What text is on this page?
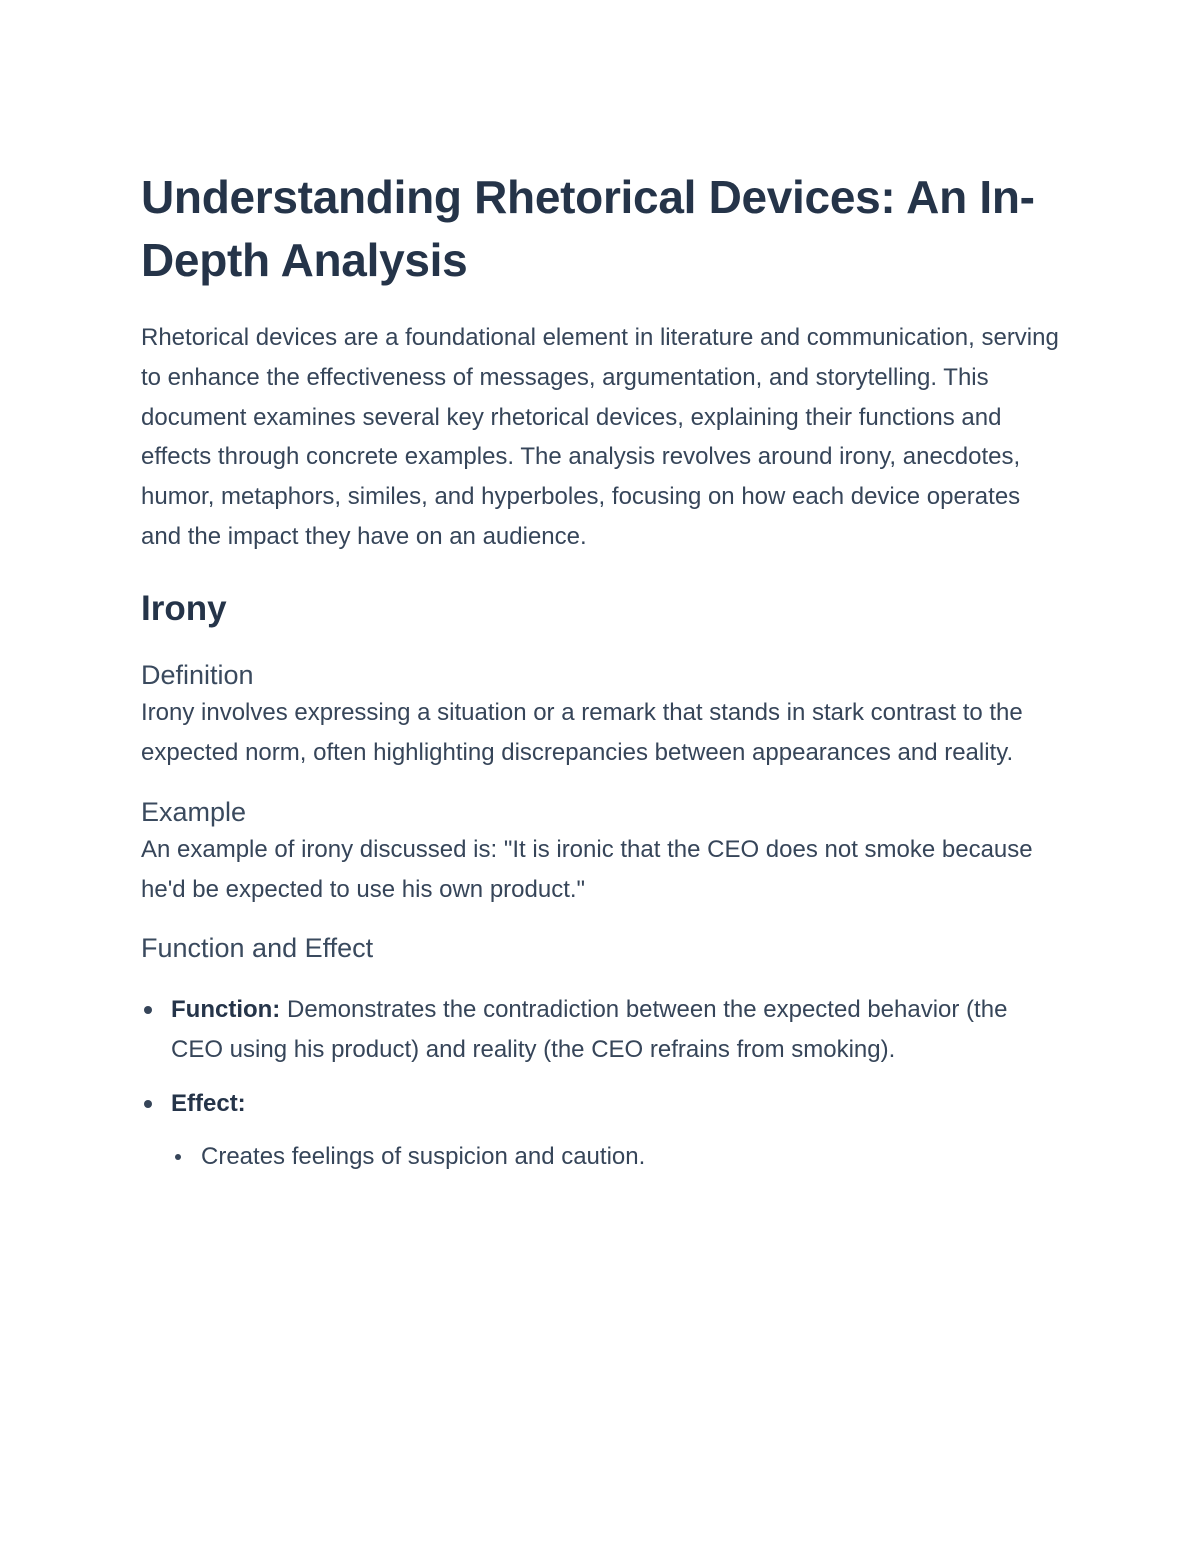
Understanding Rhetorical Devices: An In-Depth Analysis

Rhetorical devices are a foundational element in literature and communication, serving to enhance the effectiveness of messages, argumentation, and storytelling. This document examines several key rhetorical devices, explaining their functions and effects through concrete examples. The analysis revolves around irony, anecdotes, humor, metaphors, similes, and hyperboles, focusing on how each device operates and the impact they have on an audience.

Irony
Definition

Irony involves expressing a situation or a remark that stands in stark contrast to the expected norm, often highlighting discrepancies between appearances and reality.

Example

An example of irony discussed is: "It is ironic that the CEO does not smoke because he'd be expected to use his own product."

Function and Effect
Function: Demonstrates the contradiction between the expected behavior (the CEO using his product) and reality (the CEO refrains from smoking).
Effect:
Creates feelings of suspicion and caution.
